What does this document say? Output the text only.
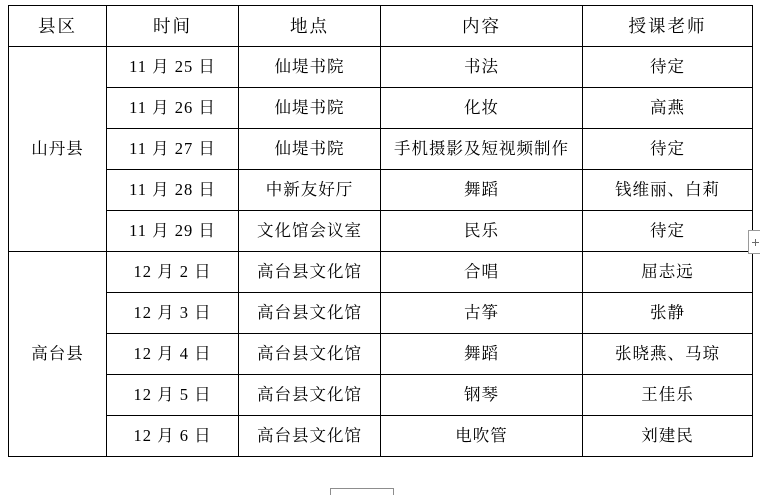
县区	时间	地点	内容	授课老师
山丹县	11 月 25 日	仙堤书院	书法	待定
	11 月 26 日	仙堤书院	化妆	高燕
	11 月 27 日	仙堤书院	手机摄影及短视频制作	待定
	11 月 28 日	中新友好厅	舞蹈	钱维丽、白莉
	11 月 29 日	文化馆会议室	民乐	待定
高台县	12 月 2 日	高台县文化馆	合唱	屈志远
	12 月 3 日	高台县文化馆	古筝	张静
	12 月 4 日	高台县文化馆	舞蹈	张晓燕、马琼
	12 月 5 日	高台县文化馆	钢琴	王佳乐
	12 月 6 日	高台县文化馆	电吹管	刘建民
